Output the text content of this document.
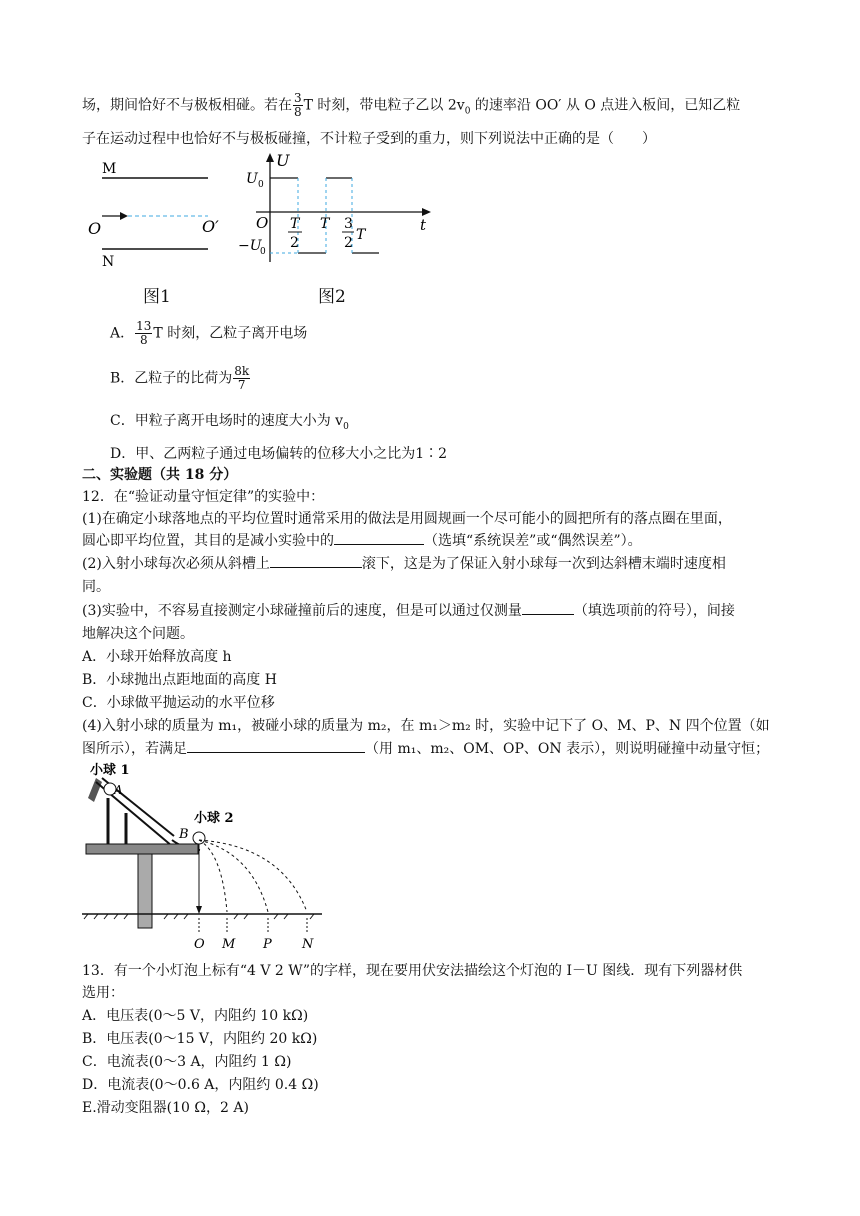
场，期间恰好不与极板相碰。若在 $\frac{3}{8}$ T 时刻，带电粒子乙以 $2v_0$ 的速率沿 OO′ 从 O 点进入板间，已知乙粒
子在运动过程中也恰好不与极板碰撞，不计粒子受到的重力，则下列说法中正确的是（　　）
M
N
O	O′
图1
U
U 0
−U
0
O	t
T
2
T 3
2 T
图2
A． $\frac{13}{8}$ T 时刻，乙粒子离开电场
B．乙粒子的比荷为 $\frac{8k}{7}$
C．甲粒子离开电场时的速度大小为 $v_0$
D．甲、乙两粒子通过电场偏转的位移大小之比为1∶2
二、实验题（共 18 分）
12．在“验证动量守恒定律”的实验中：
(1)在确定小球落地点的平均位置时通常采用的做法是用圆规画一个尽可能小的圆把所有的落点圈在里面，
圆心即平均位置，其目的是减小实验中的	（选填“系统误差”或“偶然误差”）。
(2)入射小球每次必须从斜槽上	滚下，这是为了保证入射小球每一次到达斜槽末端时速度相
同。
(3)实验中，不容易直接测定小球碰撞前后的速度，但是可以通过仅测量	（填选项前的符号），间接
地解决这个问题。
A．小球开始释放高度 h
B．小球抛出点距地面的高度 H
C．小球做平抛运动的水平位移
(4)入射小球的质量为 m₁，被碰小球的质量为 m₂，在 m₁＞m₂ 时，实验中记下了 O、M、P、N 四个位置（如
图所示），若满足	（用 m₁、m₂、OM、OP、ON 表示），则说明碰撞中动量守恒；
小球 1
小球 2
A
B
O M P N
13．有一个小灯泡上标有“4 V 2 W”的字样，现在要用伏安法描绘这个灯泡的 I－U 图线．现有下列器材供
选用：
A．电压表(0～5 V，内阻约 10 kΩ)
B．电压表(0～15 V，内阻约 20 kΩ)
C．电流表(0～3 A，内阻约 1 Ω)
D．电流表(0～0.6 A，内阻约 0.4 Ω)
E.滑动变阻器(10 Ω，2 A)
